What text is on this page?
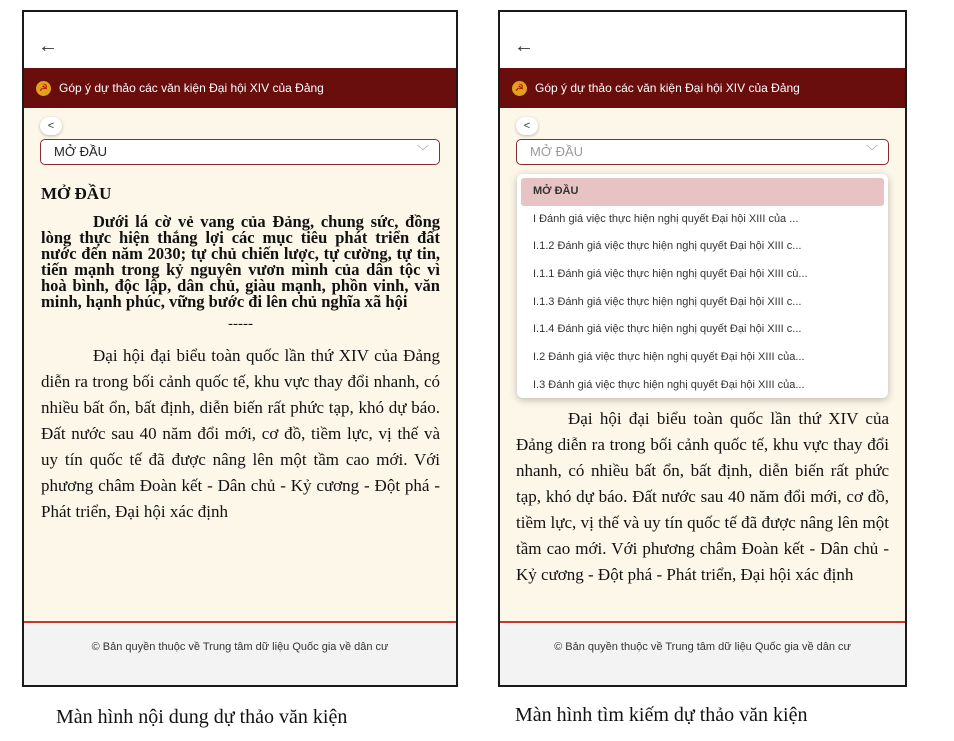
←
☭ Góp ý dự thảo các văn kiện Đại hội XIV của Đảng
<
MỞ ĐẦU	﹀
MỞ ĐẦU

Dưới lá cờ vẻ vang của Đảng, chung sức, đồng lòng thực hiện thắng lợi các mục tiêu phát triển đất nước đến năm 2030; tự chủ chiến lược, tự cường, tự tin, tiến mạnh trong kỷ nguyên vươn mình của dân tộc vì hoà bình, độc lập, dân chủ, giàu mạnh, phồn vinh, văn minh, hạnh phúc, vững bước đi lên chủ nghĩa xã hội

-----

Đại hội đại biểu toàn quốc lần thứ XIV của Đảng diễn ra trong bối cảnh quốc tế, khu vực thay đổi nhanh, có nhiều bất ổn, bất định, diễn biến rất phức tạp, khó dự báo. Đất nước sau 40 năm đổi mới, cơ đồ, tiềm lực, vị thế và uy tín quốc tế đã được nâng lên một tầm cao mới. Với phương châm Đoàn kết - Dân chủ - Kỷ cương - Đột phá - Phát triển, Đại hội xác định

© Bản quyền thuộc về Trung tâm dữ liệu Quốc gia về dân cư
←
☭ Góp ý dự thảo các văn kiện Đại hội XIV của Đảng
<
MỞ ĐẦU	﹀

Đại hội đại biểu toàn quốc lần thứ XIV của Đảng diễn ra trong bối cảnh quốc tế, khu vực thay đổi nhanh, có nhiều bất ổn, bất định, diễn biến rất phức tạp, khó dự báo. Đất nước sau 40 năm đổi mới, cơ đồ, tiềm lực, vị thế và uy tín quốc tế đã được nâng lên một tầm cao mới. Với phương châm Đoàn kết - Dân chủ - Kỷ cương - Đột phá - Phát triển, Đại hội xác định

MỞ ĐẦU
I Đánh giá việc thực hiện nghị quyết Đại hội XIII của ...
I.1.2 Đánh giá việc thực hiện nghị quyết Đại hội XIII c...
I.1.1 Đánh giá việc thực hiện nghị quyết Đại hội XIII cù...
I.1.3 Đánh giá việc thực hiện nghị quyết Đại hội XIII c...
I.1.4 Đánh giá việc thực hiện nghị quyết Đại hội XIII c...
I.2 Đánh giá việc thực hiện nghị quyết Đại hội XIII của...
I.3 Đánh giá việc thực hiện nghị quyết Đại hội XIII của...
© Bản quyền thuộc về Trung tâm dữ liệu Quốc gia về dân cư
Màn hình nội dung dự thảo văn kiện	Màn hình tìm kiếm dự thảo văn kiện
